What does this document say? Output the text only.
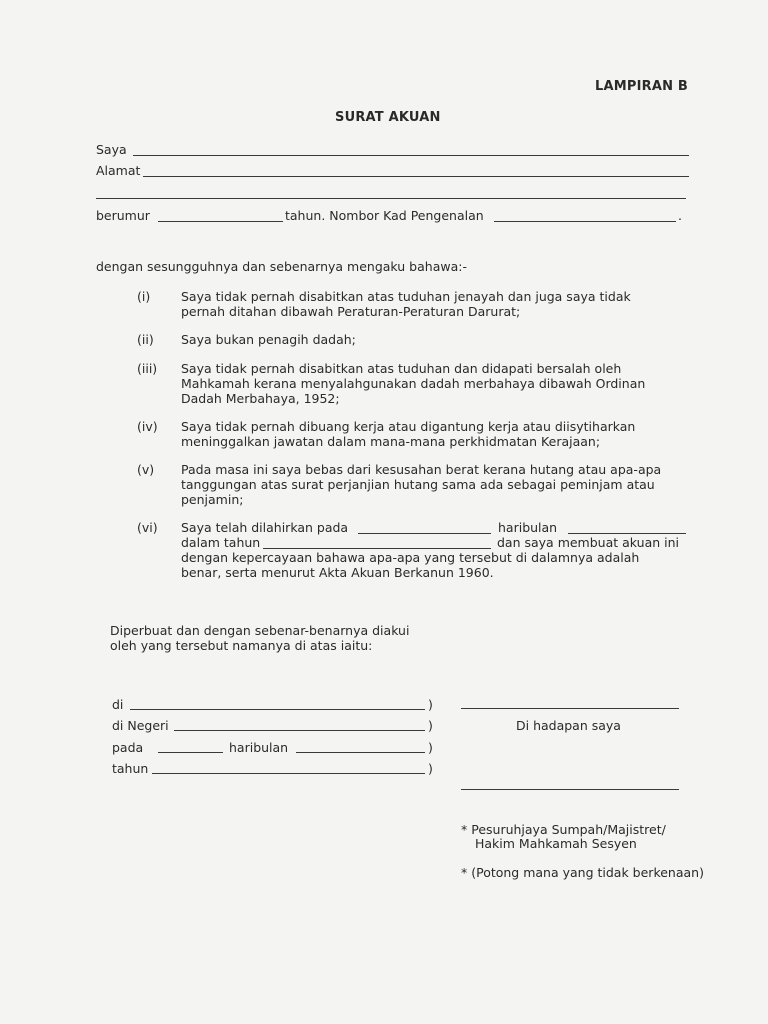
LAMPIRAN B
SURAT AKUAN
Saya
Alamat
berumur	tahun. Nombor Kad Pengenalan	.
dengan sesungguhnya dan sebenarnya mengaku bahawa:-
(i) Saya tidak pernah disabitkan atas tuduhan jenayah dan juga saya tidak
pernah ditahan dibawah Peraturan-Peraturan Darurat;
(ii) Saya bukan penagih dadah;
(iii) Saya tidak pernah disabitkan atas tuduhan dan didapati bersalah oleh
Mahkamah kerana menyalahgunakan dadah merbahaya dibawah Ordinan
Dadah Merbahaya, 1952;
(iv) Saya tidak pernah dibuang kerja atau digantung kerja atau diisytiharkan
meninggalkan jawatan dalam mana-mana perkhidmatan Kerajaan;
(v) Pada masa ini saya bebas dari kesusahan berat kerana hutang atau apa-apa
tanggungan atas surat perjanjian hutang sama ada sebagai peminjam atau
penjamin;
(vi) Saya telah dilahirkan pada	haribulan
dalam tahun	dan saya membuat akuan ini
dengan kepercayaan bahawa apa-apa yang tersebut di dalamnya adalah
benar, serta menurut Akta Akuan Berkanun 1960.
Diperbuat dan dengan sebenar-benarnya diakui
oleh yang tersebut namanya di atas iaitu:
di	)
di Negeri	)
pada	haribulan	)
tahun	)
Di hadapan saya
* Pesuruhjaya Sumpah/Majistret/
Hakim Mahkamah Sesyen
* (Potong mana yang tidak berkenaan)
